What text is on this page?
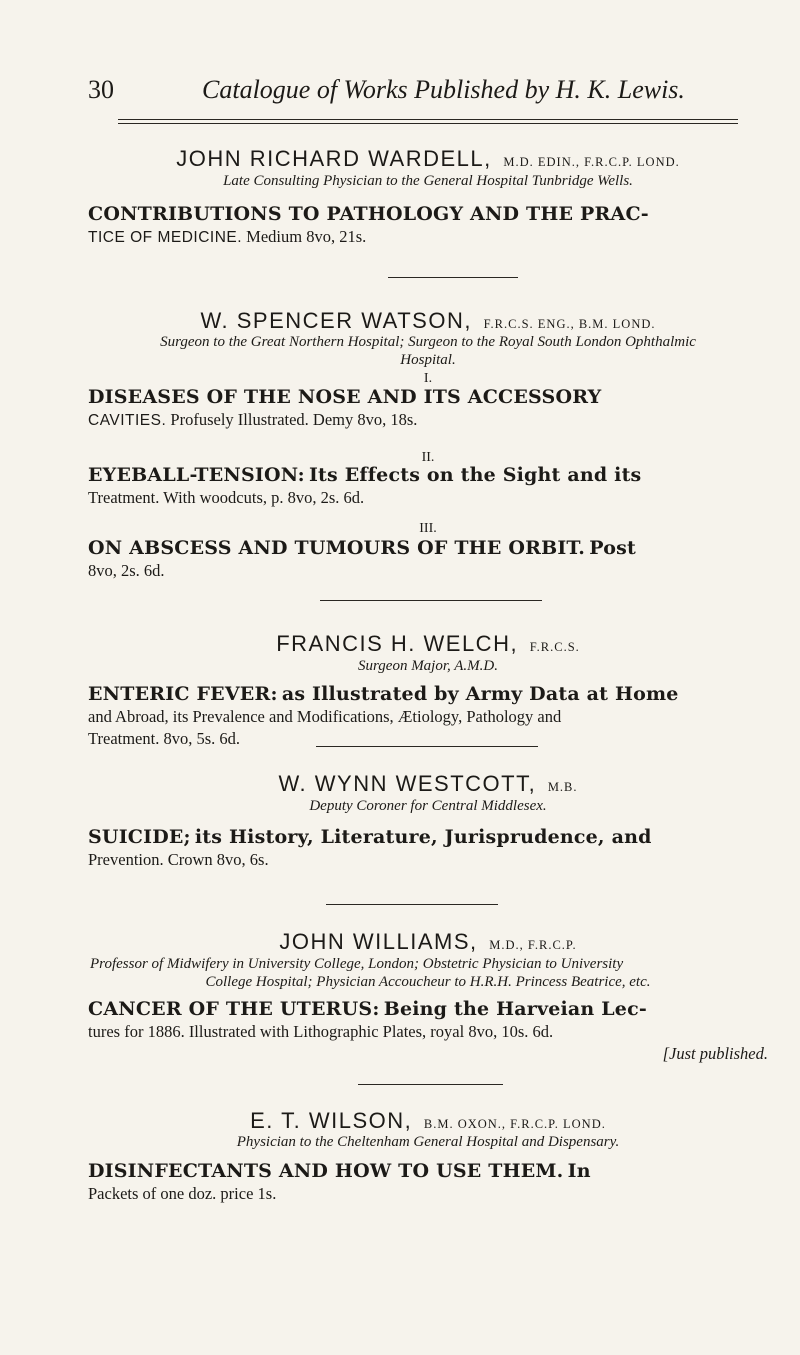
30	Catalogue of Works Published by H. K. Lewis.
JOHN RICHARD WARDELL, M.D. EDIN., F.R.C.P. LOND.
Late Consulting Physician to the General Hospital Tunbridge Wells.
CONTRIBUTIONS TO PATHOLOGY AND THE PRAC-
TICE OF MEDICINE. Medium 8vo, 21s.
W. SPENCER WATSON, F.R.C.S. ENG., B.M. LOND.
Surgeon to the Great Northern Hospital; Surgeon to the Royal South London Ophthalmic
Hospital.
I.
DISEASES OF THE NOSE AND ITS ACCESSORY
CAVITIES. Profusely Illustrated. Demy 8vo, 18s.
II.
EYEBALL-TENSION: Its Effects on the Sight and its
Treatment. With woodcuts, p. 8vo, 2s. 6d.
III.
ON ABSCESS AND TUMOURS OF THE ORBIT. Post
8vo, 2s. 6d.
FRANCIS H. WELCH, F.R.C.S.
Surgeon Major, A.M.D.
ENTERIC FEVER: as Illustrated by Army Data at Home
and Abroad, its Prevalence and Modifications, Ætiology, Pathology and
Treatment. 8vo, 5s. 6d.
W. WYNN WESTCOTT, M.B.
Deputy Coroner for Central Middlesex.
SUICIDE; its History, Literature, Jurisprudence, and
Prevention. Crown 8vo, 6s.
JOHN WILLIAMS, M.D., F.R.C.P.
Professor of Midwifery in University College, London; Obstetric Physician to University
College Hospital; Physician Accoucheur to H.R.H. Princess Beatrice, etc.
CANCER OF THE UTERUS: Being the Harveian Lec-
tures for 1886. Illustrated with Lithographic Plates, royal 8vo, 10s. 6d.
[Just published.
E. T. WILSON, B.M. OXON., F.R.C.P. LOND.
Physician to the Cheltenham General Hospital and Dispensary.
DISINFECTANTS AND HOW TO USE THEM. In
Packets of one doz. price 1s.
